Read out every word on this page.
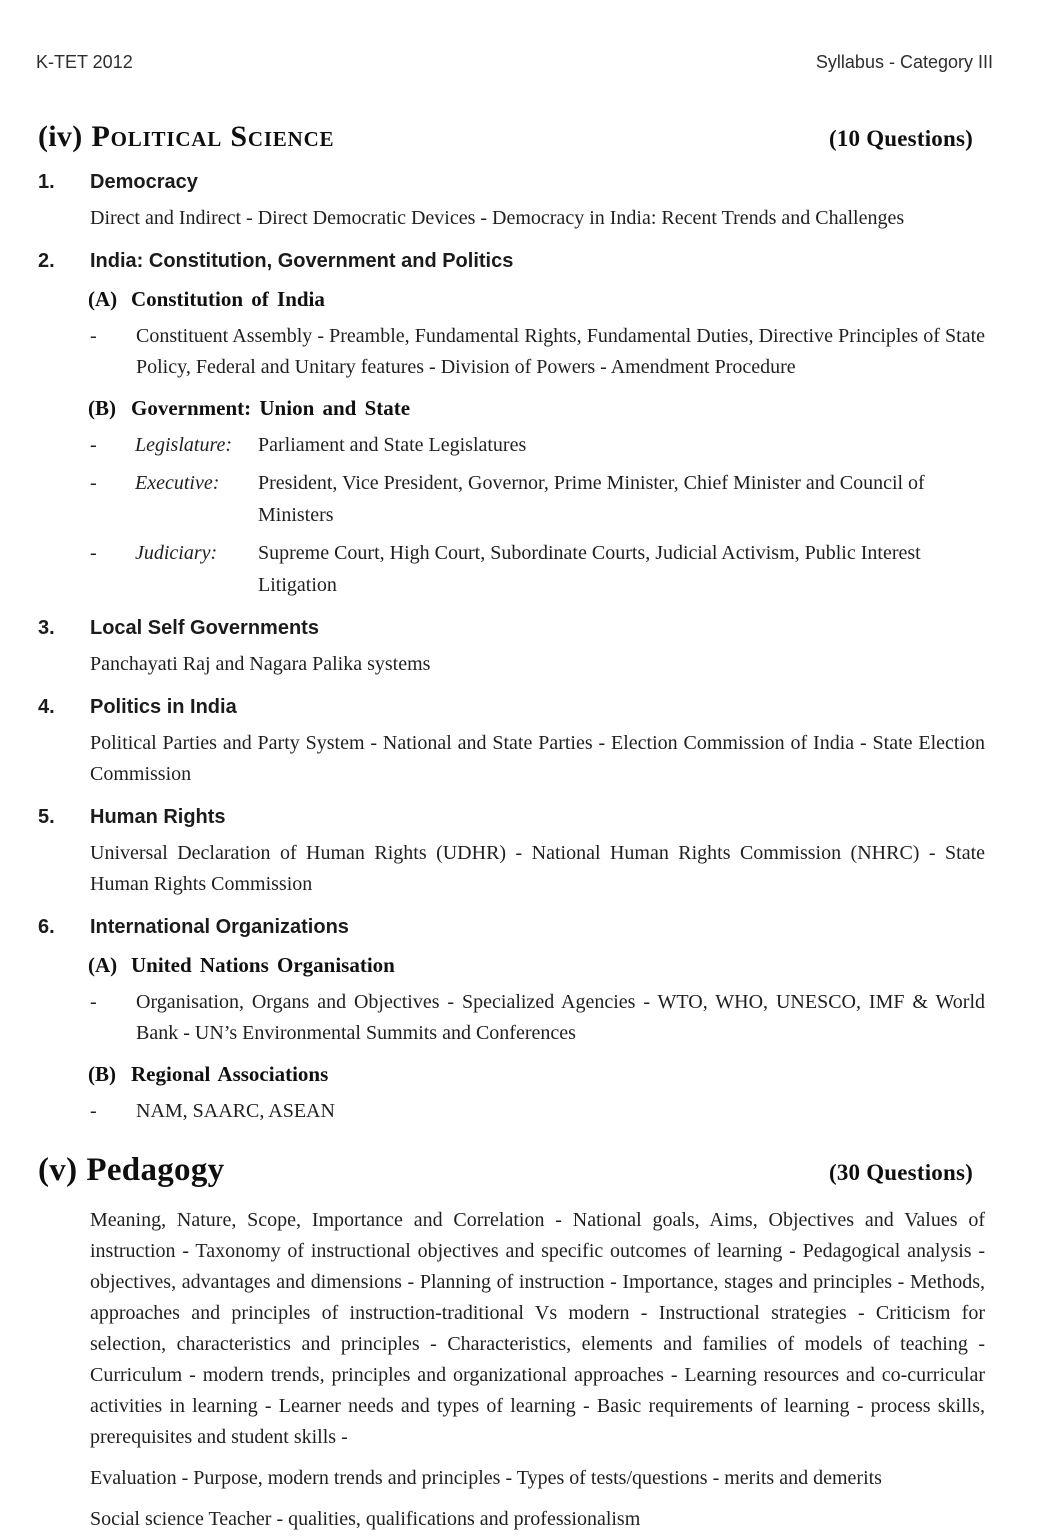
K-TET 2012	Syllabus - Category III
(iv) Political Science	(10 Questions)
1.	Democracy

Direct and Indirect - Direct Democratic Devices - Democracy in India: Recent Trends and Challenges

2.	India: Constitution, Government and Politics
(A) Constitution of India
-	Constituent Assembly - Preamble, Fundamental Rights, Fundamental Duties, Directive Principles of State Policy, Federal and Unitary features - Division of Powers - Amendment Procedure
(B) Government: Union and State
-	Legislature:	Parliament and State Legislatures
-	Executive:	President, Vice President, Governor, Prime Minister, Chief Minister and Council of Ministers
-	Judiciary:	Supreme Court, High Court, Subordinate Courts, Judicial Activism, Public Interest Litigation
3.	Local Self Governments

Panchayati Raj and Nagara Palika systems

4.	Politics in India

Political Parties and Party System - National and State Parties - Election Commission of India - State Election Commission

5.	Human Rights

Universal Declaration of Human Rights (UDHR) - National Human Rights Commission (NHRC) - State Human Rights Commission

6.	International Organizations
(A) United Nations Organisation
-	Organisation, Organs and Objectives - Specialized Agencies - WTO, WHO, UNESCO, IMF & World Bank - UN’s Environmental Summits and Conferences
(B) Regional Associations
-	NAM, SAARC, ASEAN
(v) Pedagogy	(30 Questions)

Meaning, Nature, Scope, Importance and Correlation - National goals, Aims, Objectives and Values of instruction - Taxonomy of instructional objectives and specific outcomes of learning - Pedagogical analysis - objectives, advantages and dimensions - Planning of instruction - Importance, stages and principles - Methods, approaches and principles of instruction-traditional Vs modern - Instructional strategies - Criticism for selection, characteristics and principles - Characteristics, elements and families of models of teaching - Curriculum - modern trends, principles and organizational approaches - Learning resources and co-curricular activities in learning - Learner needs and types of learning - Basic requirements of learning - process skills, prerequisites and student skills -

Evaluation - Purpose, modern trends and principles - Types of tests/questions - merits and demerits

Social science Teacher - qualities, qualifications and professionalism
